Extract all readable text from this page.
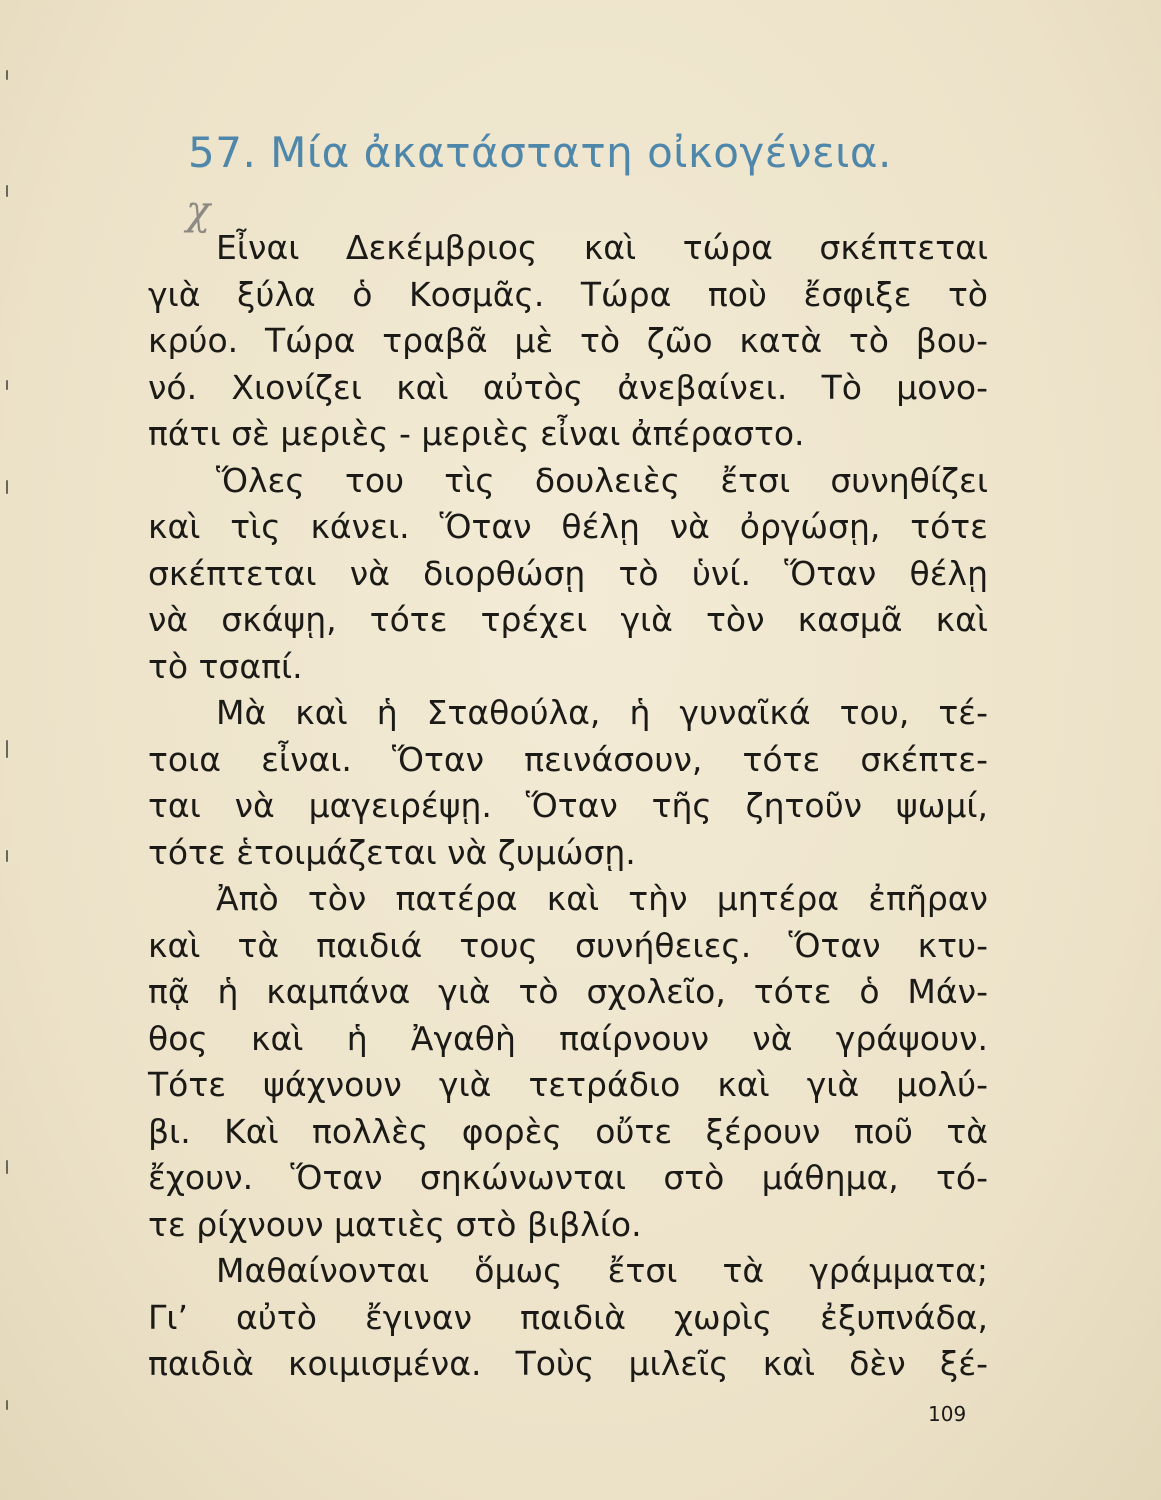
57. Μία ἀκατάστατη οἰκογένεια.
χ
Εἶναι Δεκέμβριος καὶ τώρα σκέπτεται
γιὰ ξύλα ὁ Κοσμᾶς. Τώρα ποὺ ἔσφιξε τὸ
κρύο. Τώρα τραβᾶ μὲ τὸ ζῶο κατὰ τὸ βου-
νό. Χιονίζει καὶ αὐτὸς ἀνεβαίνει. Τὸ μονο-
πάτι σὲ μεριὲς - μεριὲς εἶναι ἀπέραστο.
Ὅλες του τὶς δουλειὲς ἔτσι συνηθίζει
καὶ τὶς κάνει. Ὅταν θέλῃ νὰ ὀργώσῃ, τότε
σκέπτεται νὰ διορθώσῃ τὸ ὑνί. Ὅταν θέλῃ
νὰ σκάψῃ, τότε τρέχει γιὰ τὸν κασμᾶ καὶ
τὸ τσαπί.
Μὰ καὶ ἡ Σταθούλα, ἡ γυναῖκά του, τέ-
τοια εἶναι. Ὅταν πεινάσουν, τότε σκέπτε-
ται νὰ μαγειρέψῃ. Ὅταν τῆς ζητοῦν ψωμί,
τότε ἑτοιμάζεται νὰ ζυμώσῃ.
Ἀπὸ τὸν πατέρα καὶ τὴν μητέρα ἐπῆραν
καὶ τὰ παιδιά τους συνήθειες. Ὅταν κτυ-
πᾷ ἡ καμπάνα γιὰ τὸ σχολεῖο, τότε ὁ Μάν-
θος καὶ ἡ Ἀγαθὴ παίρνουν νὰ γράψουν.
Τότε ψάχνουν γιὰ τετράδιο καὶ γιὰ μολύ-
βι. Καὶ πολλὲς φορὲς οὔτε ξέρουν ποῦ τὰ
ἔχουν. Ὅταν σηκώνωνται στὸ μάθημα, τό-
τε ρίχνουν ματιὲς στὸ βιβλίο.
Μαθαίνονται ὅμως ἔτσι τὰ γράμματα;
Γι’ αὐτὸ ἔγιναν παιδιὰ χωρὶς ἐξυπνάδα,
παιδιὰ κοιμισμένα. Τοὺς μιλεῖς καὶ δὲν ξέ-
109
